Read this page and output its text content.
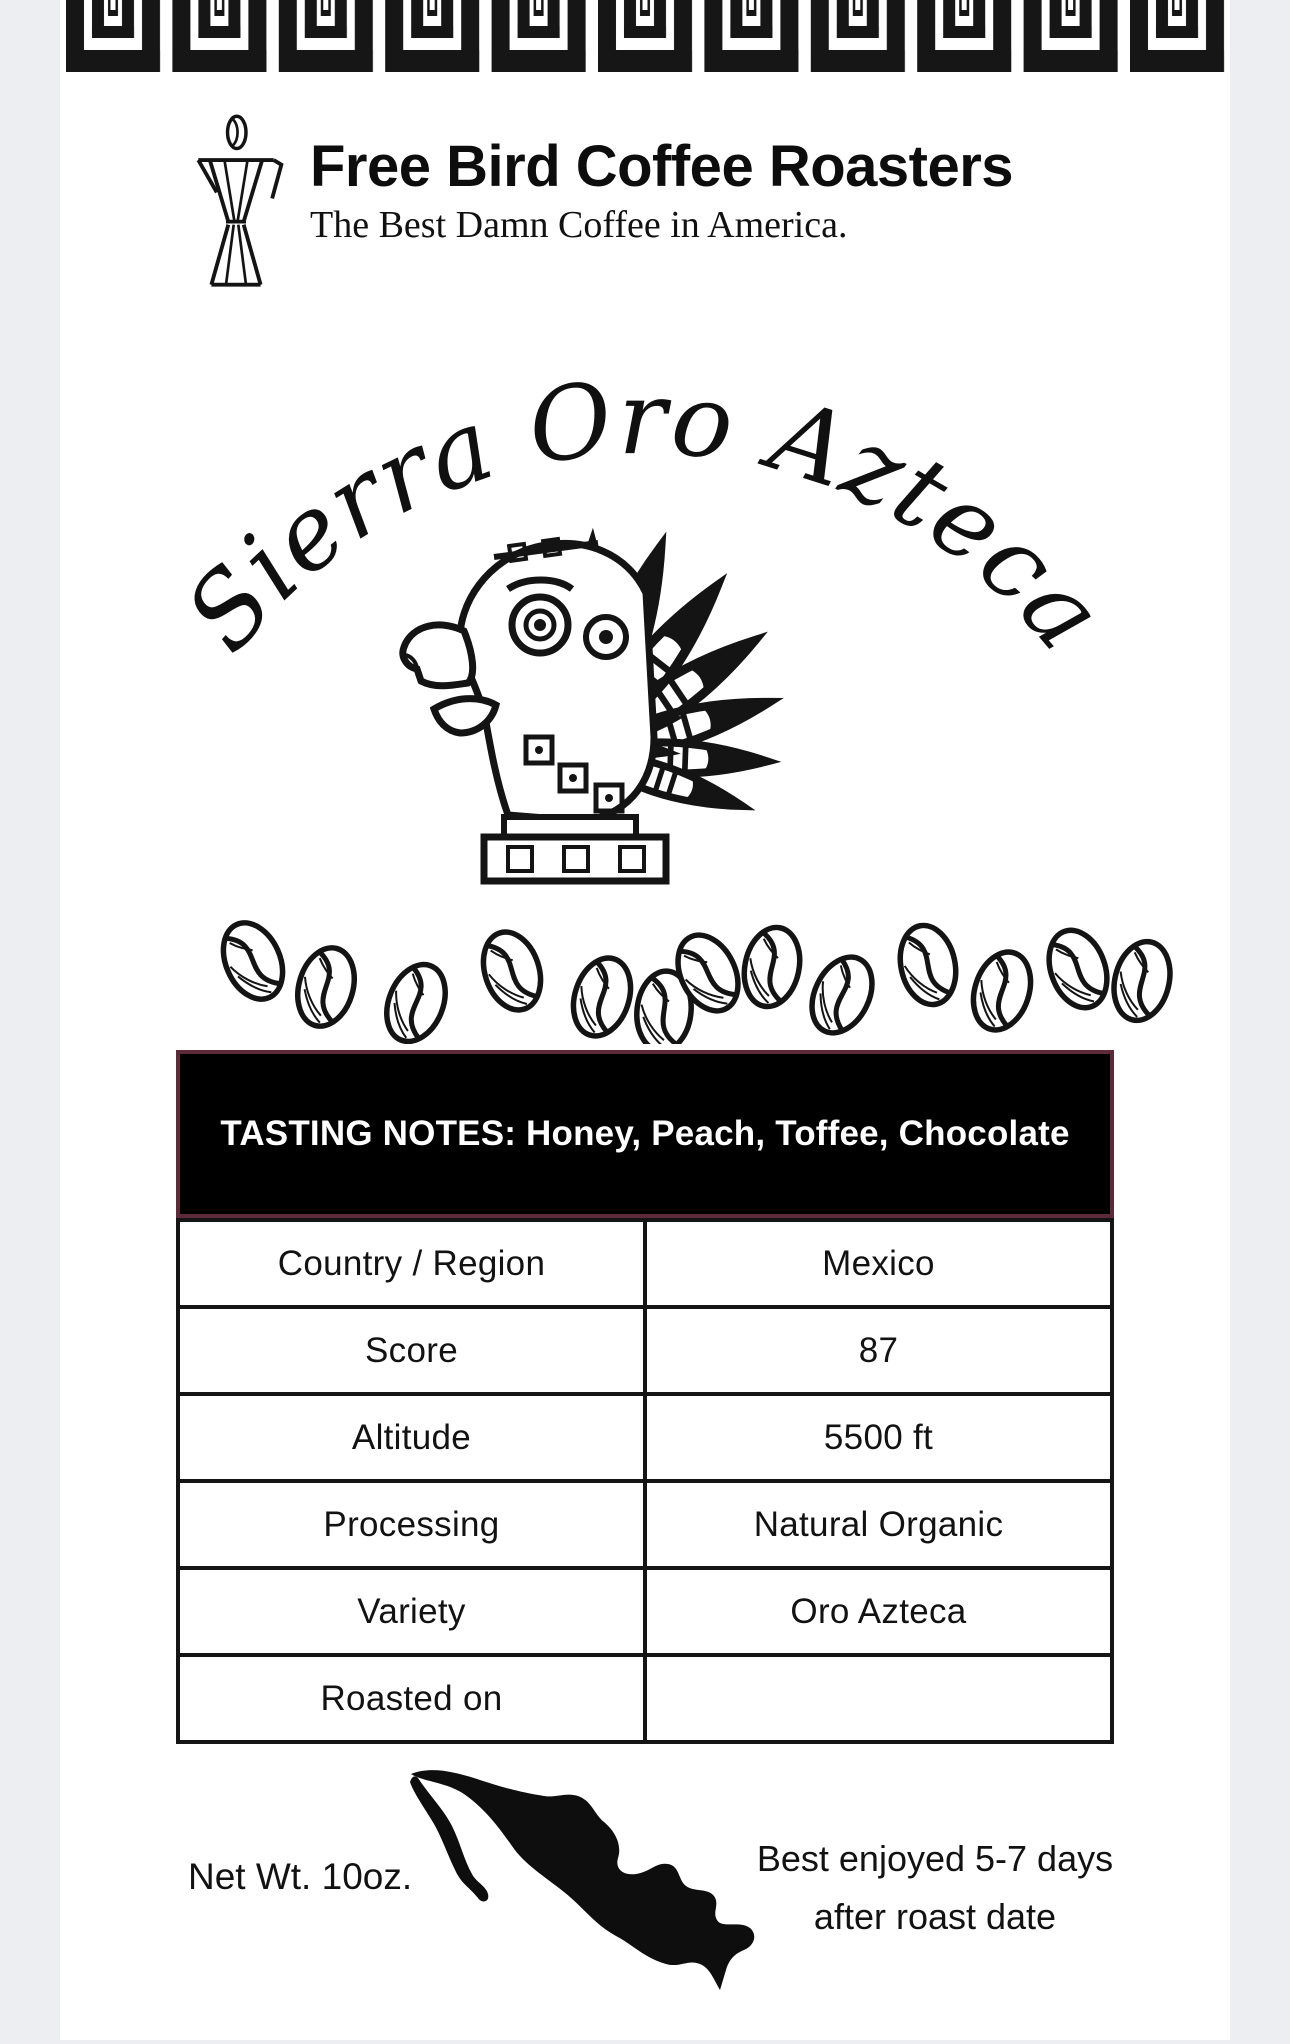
Free Bird Coffee Roasters
The Best Damn Coffee in America.
Sierra Oro Azteca
TASTING NOTES: Honey, Peach, Toffee, Chocolate
Country / Region	Mexico
Score	87
Altitude	5500 ft
Processing	Natural Organic
Variety	Oro Azteca
Roasted on	
Net Wt. 10oz.	Best enjoyed 5-7 days
after roast date
